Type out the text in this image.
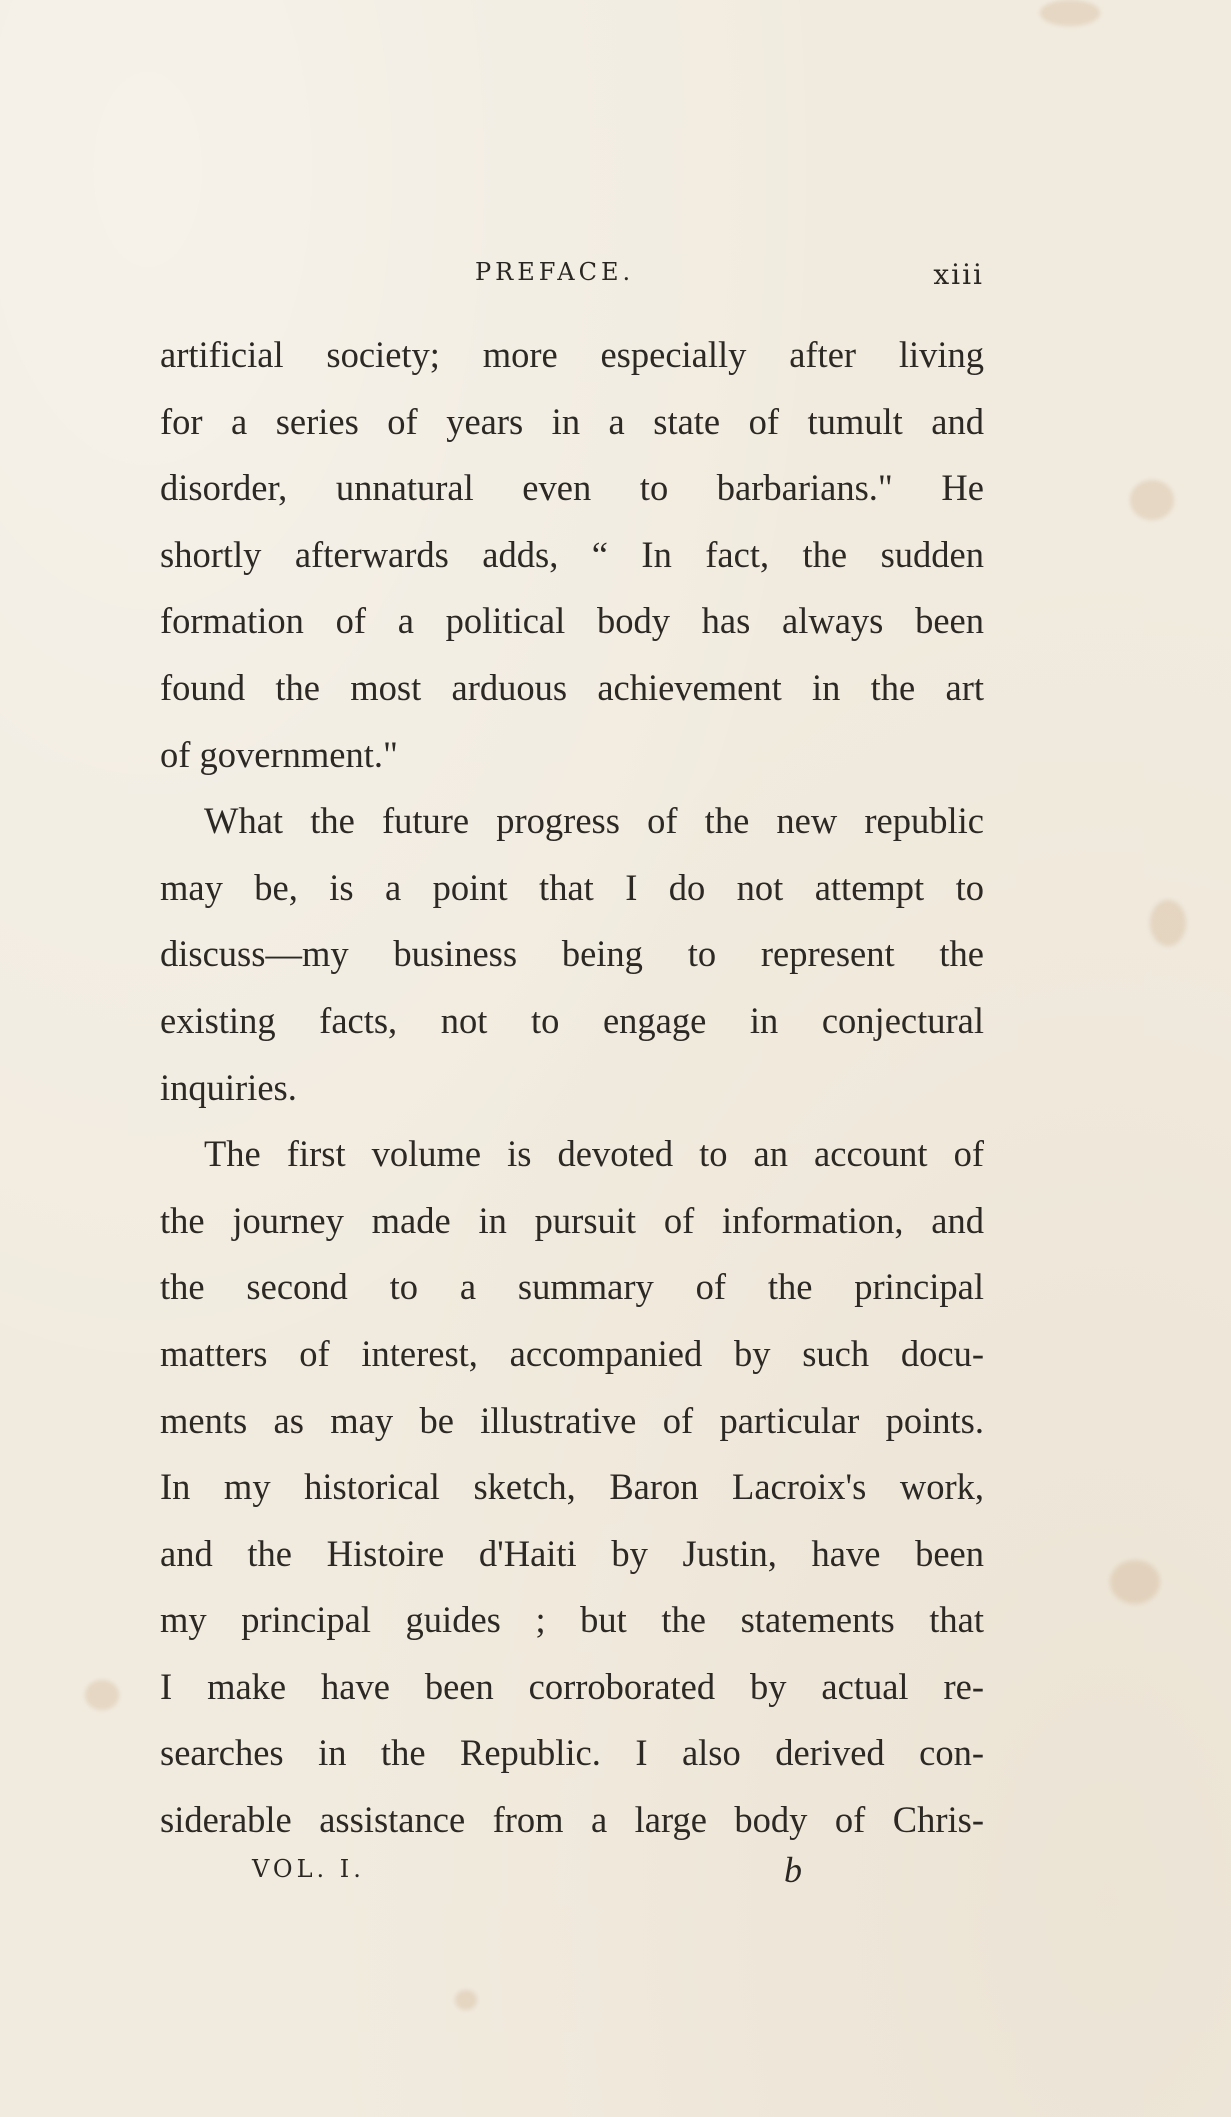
PREFACE.	xiii
artificial society; more especially after living
for a series of years in a state of tumult and
disorder, unnatural even to barbarians." He
shortly afterwards adds, “ In fact, the sudden
formation of a political body has always been
found the most arduous achievement in the art
of government."
What the future progress of the new republic
may be, is a point that I do not attempt to
discuss—my business being to represent the
existing facts, not to engage in conjectural
inquiries.
The first volume is devoted to an account of
the journey made in pursuit of information, and
the second to a summary of the principal
matters of interest, accompanied by such docu-
ments as may be illustrative of particular points.
In my historical sketch, Baron Lacroix's work,
and the Histoire d'Haiti by Justin, have been
my principal guides ; but the statements that
I make have been corroborated by actual re-
searches in the Republic. I also derived con-
siderable assistance from a large body of Chris-
VOL. I.	b
